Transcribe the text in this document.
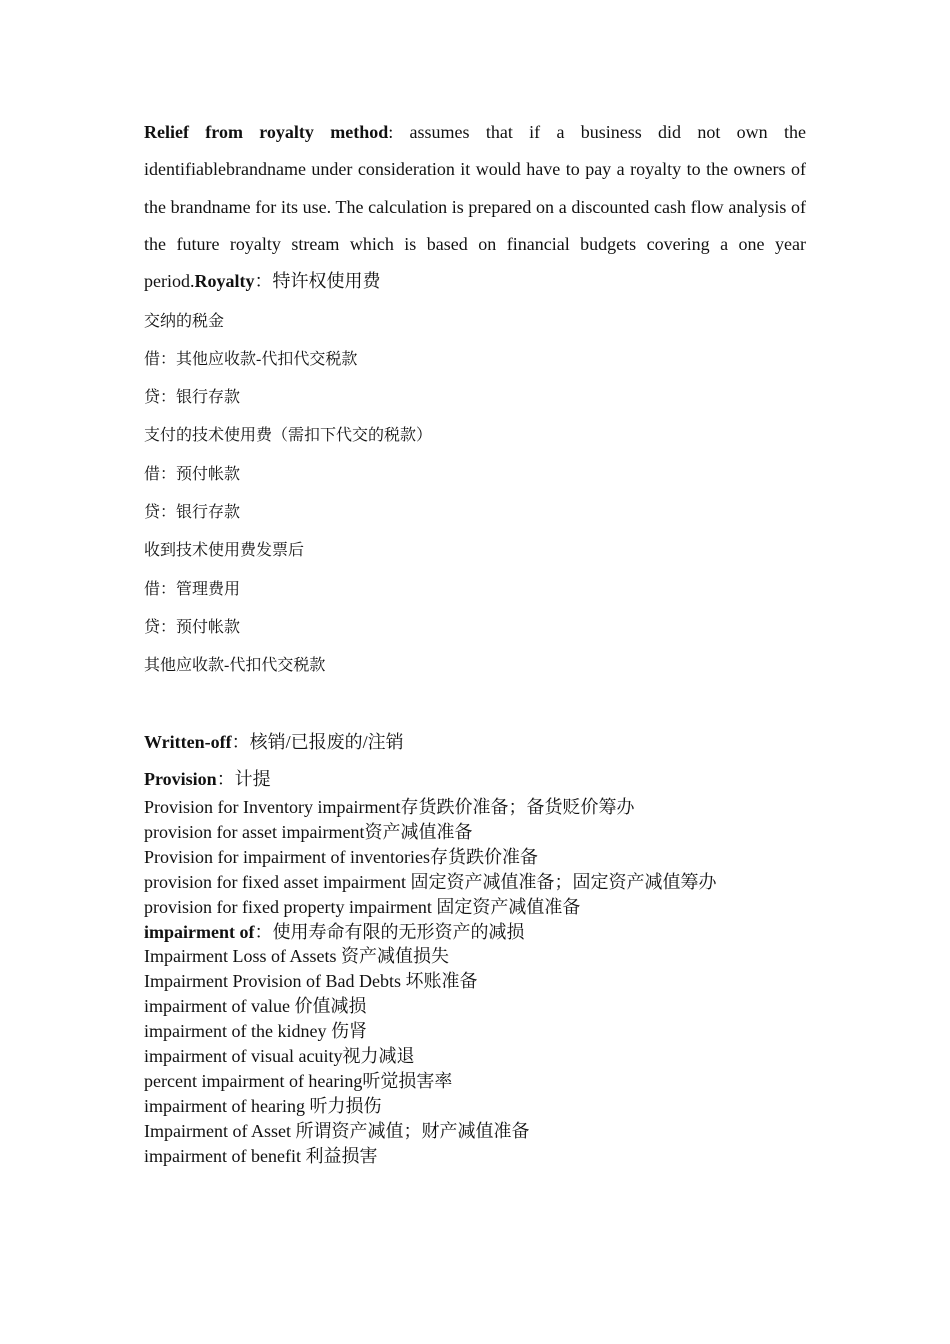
Relief from royalty method: assumes that if a business did not own the identifiablebrandname under consideration it would have to pay a royalty to the owners of the brandname for its use. The calculation is prepared on a discounted cash flow analysis of the future royalty stream which is based on financial budgets covering a one year period.Royalty：特许权使用费
交纳的税金
借：其他应收款-代扣代交税款
贷：银行存款
支付的技术使用费（需扣下代交的税款）
借：预付帐款
贷：银行存款
收到技术使用费发票后
借：管理费用
贷：预付帐款
其他应收款-代扣代交税款
Written-off：核销/已报废的/注销
Provision：计提
Provision for Inventory impairment存货跌价准备；备货贬价筹办
provision for asset impairment资产减值准备
Provision for impairment of inventories存货跌价准备
provision for fixed asset impairment 固定资产减值准备；固定资产减值筹办
provision for fixed property impairment 固定资产减值准备
impairment of：使用寿命有限的无形资产的减损
Impairment Loss of Assets 资产减值损失
Impairment Provision of Bad Debts 坏账准备
impairment of value 价值减损
impairment of the kidney 伤肾
impairment of visual acuity视力减退
percent impairment of hearing听觉损害率
impairment of hearing 听力损伤
Impairment of Asset 所谓资产减值；财产减值准备
impairment of benefit 利益损害
